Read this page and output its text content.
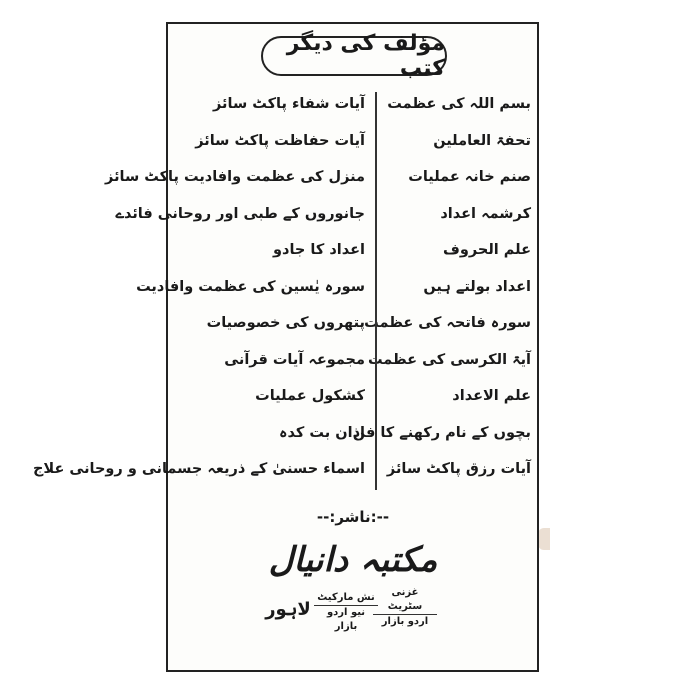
مؤلف کی دیگر کتب
بسم اللہ کی عظمت
تحفۃ العاملین
صنم خانہ عملیات
کرشمہ اعداد
علم الحروف
اعداد بولتے ہیں
سورہ فاتحہ کی عظمت
آیۃ الکرسی کی عظمت
علم الاعداد
بچوں کے نام رکھنے کا فن
آیات رزق پاکٹ سائز
آیات شفاء پاکٹ سائز
آیات حفاظت پاکٹ سائز
منزل کی عظمت وافادیت پاکٹ سائز
جانوروں کے طبی اور روحانی فائدے
اعداد کا جادو
سورہ یٰسین کی عظمت وافادیت
پتھروں کی خصوصیات
مجموعہ آیات قرآنی
کشکول عملیات
اذان بت کدہ
اسماء حسنیٰ کے ذریعہ جسمانی و روحانی علاج
--:ناشر:--
مکتبہ دانیال
غزنی سٹریٹ
اردو بازار
نش مارکیٹ
نیو اردو بازار
لاہور
